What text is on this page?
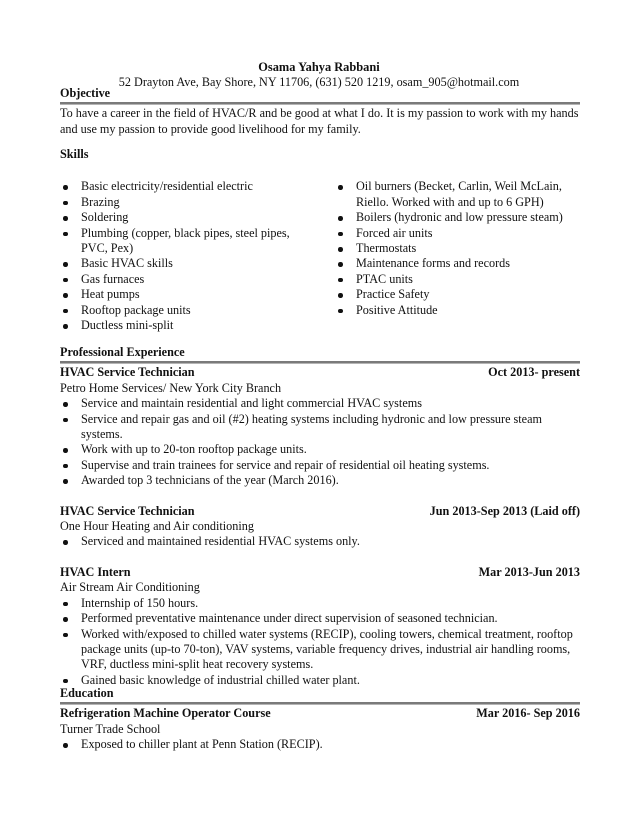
Osama Yahya Rabbani
52 Drayton Ave, Bay Shore, NY 11706, (631) 520 1219, osam_905@hotmail.com
Objective

To have a career in the field of HVAC/R and be good at what I do. It is my passion to work with my hands and use my passion to provide good livelihood for my family.

Skills
Basic electricity/residential electric
Brazing
Soldering
Plumbing (copper, black pipes, steel pipes, PVC, Pex)
Basic HVAC skills
Gas furnaces
Heat pumps
Rooftop package units
Ductless mini-split
Oil burners (Becket, Carlin, Weil McLain, Riello. Worked with and up to 6 GPH)
Boilers (hydronic and low pressure steam)
Forced air units
Thermostats
Maintenance forms and records
PTAC units
Practice Safety
Positive Attitude
Professional Experience
HVAC Service Technician	Oct 2013- present
Petro Home Services/ New York City Branch
Service and maintain residential and light commercial HVAC systems
Service and repair gas and oil (#2) heating systems including hydronic and low pressure steam systems.
Work with up to 20-ton rooftop package units.
Supervise and train trainees for service and repair of residential oil heating systems.
Awarded top 3 technicians of the year (March 2016).
HVAC Service Technician	Jun 2013-Sep 2013 (Laid off)
One Hour Heating and Air conditioning
Serviced and maintained residential HVAC systems only.
HVAC Intern	Mar 2013-Jun 2013
Air Stream Air Conditioning
Internship of 150 hours.
Performed preventative maintenance under direct supervision of seasoned technician.
Worked with/exposed to chilled water systems (RECIP), cooling towers, chemical treatment, rooftop package units (up-to 70-ton), VAV systems, variable frequency drives, industrial air handling rooms, VRF, ductless mini-split heat recovery systems.
Gained basic knowledge of industrial chilled water plant.
Education
Refrigeration Machine Operator Course	Mar 2016- Sep 2016
Turner Trade School
Exposed to chiller plant at Penn Station (RECIP).
